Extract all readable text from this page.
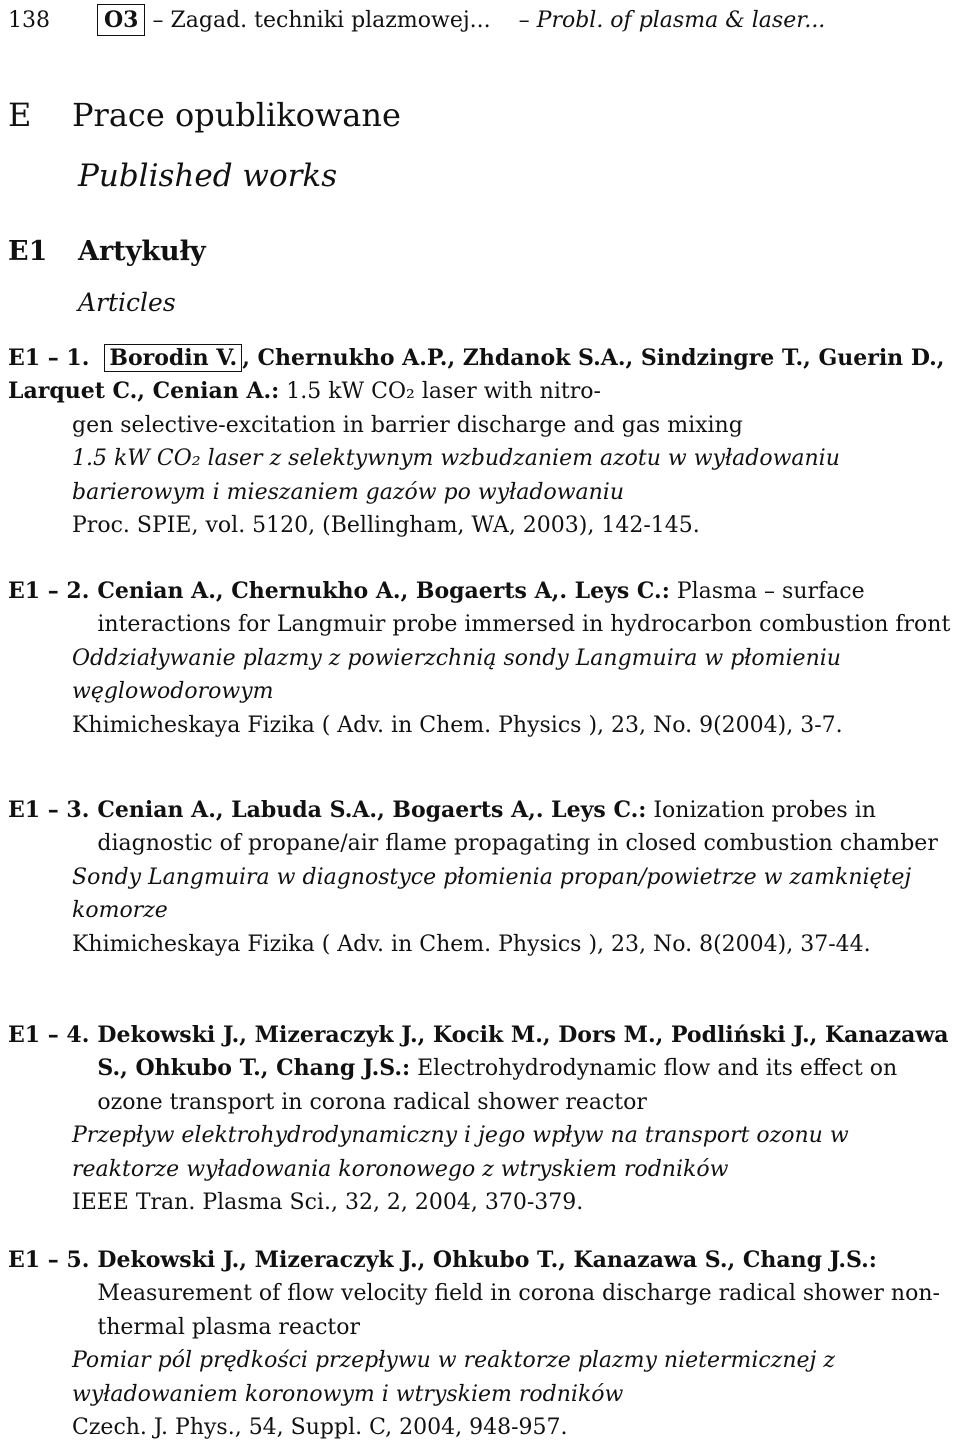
138 O3 – Zagad. techniki plazmowej... – Probl. of plasma & laser...
E Prace opublikowane
Published works
E1 Artykuły
Articles

E1 – 1. Borodin V. , Chernukho A.P., Zhdanok S.A., Sindzingre T., Guerin D., Larquet C., Cenian A.: 1.5 kW CO₂ laser with nitro-

gen selective-excitation in barrier discharge and gas mixing

1.5 kW CO₂ laser z selektywnym wzbudzaniem azotu w wyładowaniu

barierowym i mieszaniem gazów po wyładowaniu

Proc. SPIE, vol. 5120, (Bellingham, WA, 2003), 142-145.

E1 – 2. Cenian A., Chernukho A., Bogaerts A,. Leys C.: Plasma – surface interactions for Langmuir probe immersed in hydrocarbon combustion front

Oddziaływanie plazmy z powierzchnią sondy Langmuira w płomieniu węglowodorowym

Khimicheskaya Fizika ( Adv. in Chem. Physics ), 23, No. 9(2004), 3-7.

E1 – 3. Cenian A., Labuda S.A., Bogaerts A,. Leys C.: Ionization probes in diagnostic of propane/air flame propagating in closed combustion chamber

Sondy Langmuira w diagnostyce płomienia propan/powietrze w zamkniętej komorze

Khimicheskaya Fizika ( Adv. in Chem. Physics ), 23, No. 8(2004), 37-44.

E1 – 4. Dekowski J., Mizeraczyk J., Kocik M., Dors M., Podliński J., Kanazawa S., Ohkubo T., Chang J.S.: Electrohydrodynamic flow and its effect on ozone transport in corona radical shower reactor

Przepływ elektrohydrodynamiczny i jego wpływ na transport ozonu w reaktorze wyładowania koronowego z wtryskiem rodników

IEEE Tran. Plasma Sci., 32, 2, 2004, 370-379.

E1 – 5. Dekowski J., Mizeraczyk J., Ohkubo T., Kanazawa S., Chang J.S.: Measurement of flow velocity field in corona discharge radical shower non-thermal plasma reactor

Pomiar pól prędkości przepływu w reaktorze plazmy nietermicznej z wyładowaniem koronowym i wtryskiem rodników

Czech. J. Phys., 54, Suppl. C, 2004, 948-957.
